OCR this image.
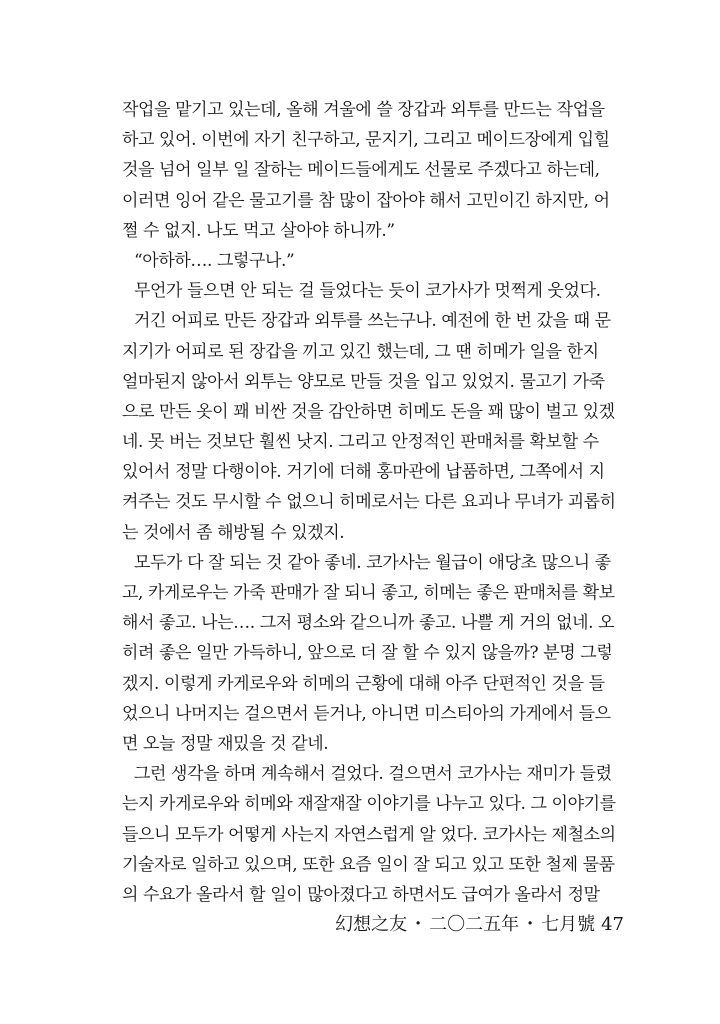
작업을 맡기고 있는데, 올해 겨울에 쓸 장갑과 외투를 만드는 작업을
하고 있어. 이번에 자기 친구하고, 문지기, 그리고 메이드장에게 입힐
것을 넘어 일부 일 잘하는 메이드들에게도 선물로 주겠다고 하는데,
이러면 잉어 같은 물고기를 참 많이 잡아야 해서 고민이긴 하지만, 어
쩔 수 없지. 나도 먹고 살아야 하니까.”
“아하하…. 그렇구나.”
무언가 들으면 안 되는 걸 들었다는 듯이 코가사가 멋쩍게 웃었다.
거긴 어피로 만든 장갑과 외투를 쓰는구나. 예전에 한 번 갔을 때 문
지기가 어피로 된 장갑을 끼고 있긴 했는데, 그 땐 히메가 일을 한지
얼마된지 않아서 외투는 양모로 만들 것을 입고 있었지. 물고기 가죽
으로 만든 옷이 꽤 비싼 것을 감안하면 히메도 돈을 꽤 많이 벌고 있겠
네. 못 버는 것보단 훨씬 낫지. 그리고 안정적인 판매처를 확보할 수
있어서 정말 다행이야. 거기에 더해 홍마관에 납품하면, 그쪽에서 지
켜주는 것도 무시할 수 없으니 히메로서는 다른 요괴나 무녀가 괴롭히
는 것에서 좀 해방될 수 있겠지.
모두가 다 잘 되는 것 같아 좋네. 코가사는 월급이 애당초 많으니 좋
고, 카게로우는 가죽 판매가 잘 되니 좋고, 히메는 좋은 판매처를 확보
해서 좋고. 나는…. 그저 평소와 같으니까 좋고. 나쁠 게 거의 없네. 오
히려 좋은 일만 가득하니, 앞으로 더 잘 할 수 있지 않을까? 분명 그렇
겠지. 이렇게 카게로우와 히메의 근황에 대해 아주 단편적인 것을 들
었으니 나머지는 걸으면서 듣거나, 아니면 미스티아의 가게에서 들으
면 오늘 정말 재밌을 것 같네.
그런 생각을 하며 계속해서 걸었다. 걸으면서 코가사는 재미가 들렸
는지 카게로우와 히메와 재잘재잘 이야기를 나누고 있다. 그 이야기를
들으니 모두가 어떻게 사는지 자연스럽게 알 었다. 코가사는 제철소의
기술자로 일하고 있으며, 또한 요즘 일이 잘 되고 있고 또한 철제 물품
의 수요가 올라서 할 일이 많아졌다고 하면서도 급여가 올라서 정말
幻想之友 ・ 二〇二五年 ・ 七月號 47
